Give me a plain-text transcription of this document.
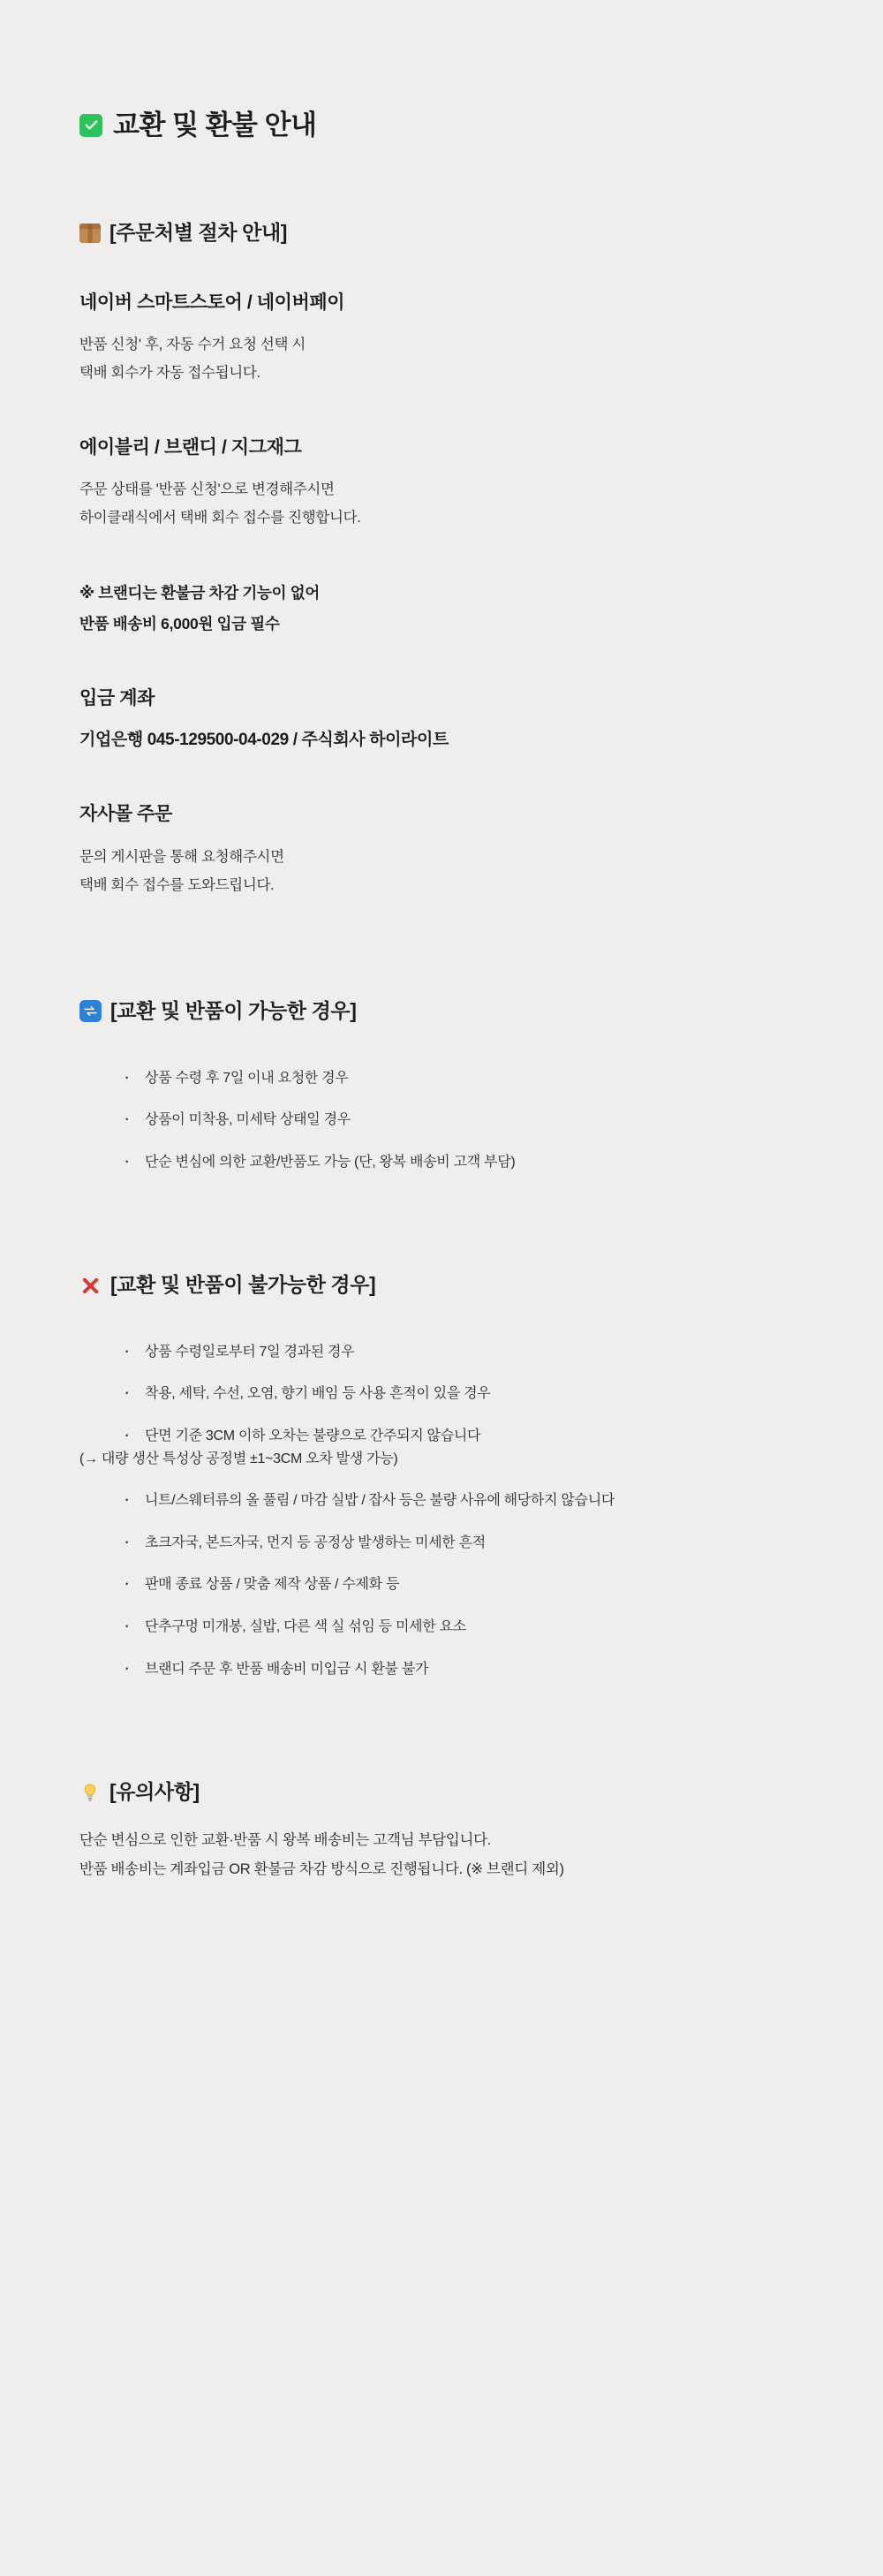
교환 및 환불 안내
[주문처별 절차 안내]

네이버 스마트스토어 / 네이버페이

반품 신청' 후, 자동 수거 요청 선택 시

택배 회수가 자동 접수됩니다.

에이블리 / 브랜디 / 지그재그

주문 상태를 '반품 신청'으로 변경해주시면

하이클래식에서 택배 회수 접수를 진행합니다.

※ 브랜디는 환불금 차감 기능이 없어

반품 배송비 6,000원 입금 필수

입금 계좌

기업은행 045-129500-04-029 / 주식회사 하이라이트

자사몰 주문

문의 게시판을 통해 요청해주시면

택배 회수 접수를 도와드립니다.

[교환 및 반품이 가능한 경우]
· 상품 수령 후 7일 이내 요청한 경우
· 상품이 미착용, 미세탁 상태일 경우
· 단순 변심에 의한 교환/반품도 가능 (단, 왕복 배송비 고객 부담)
[교환 및 반품이 불가능한 경우]
· 상품 수령일로부터 7일 경과된 경우
· 착용, 세탁, 수선, 오염, 향기 배임 등 사용 흔적이 있을 경우
· 단면 기준 3CM 이하 오차는 불량으로 간주되지 않습니다

(→ 대량 생산 특성상 공정별 ±1~3CM 오차 발생 가능)

· 니트/스웨터류의 올 풀림 / 마감 실밥 / 잡사 등은 불량 사유에 해당하지 않습니다
· 초크자국, 본드자국, 먼지 등 공정상 발생하는 미세한 흔적
· 판매 종료 상품 / 맞춤 제작 상품 / 수제화 등
· 단추구멍 미개봉, 실밥, 다른 색 실 섞임 등 미세한 요소
· 브랜디 주문 후 반품 배송비 미입금 시 환불 불가
[유의사항]

단순 변심으로 인한 교환·반품 시 왕복 배송비는 고객님 부담입니다.

반품 배송비는 계좌입금 OR 환불금 차감 방식으로 진행됩니다. (※ 브랜디 제외)
